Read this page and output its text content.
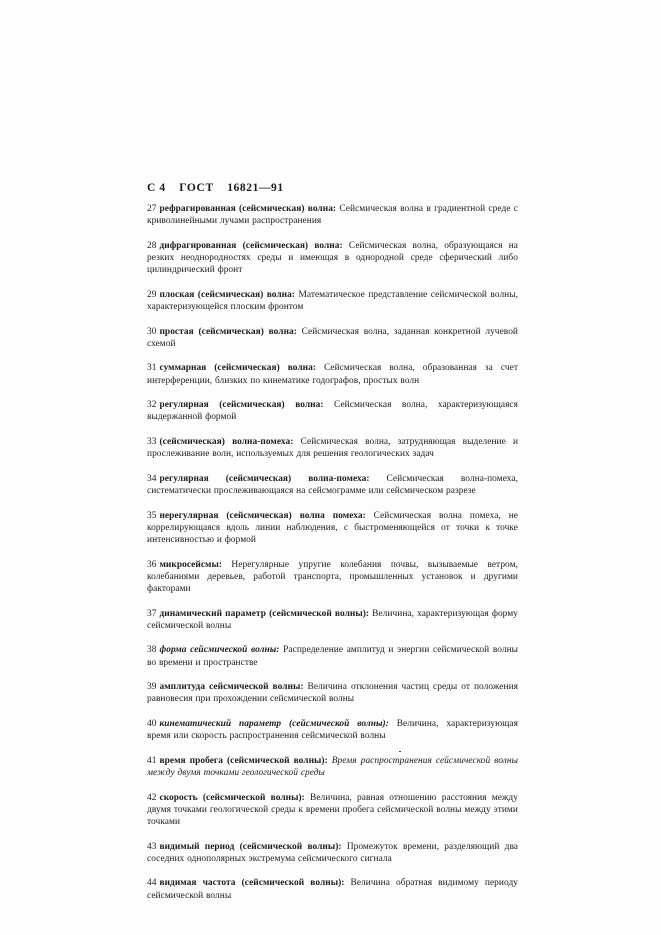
С 4 ГОСТ 16821—91

27 рефрагированная (сейсмическая) волна: Сейсмическая волна в градиентной среде с криволинейными лучами распространения

28 дифрагированная (сейсмическая) волна: Сейсмическая волна, образующаяся на резких неоднородностях среды и имеющая в однородной среде сферический либо цилиндрический фронт

29 плоская (сейсмическая) волна: Математическое представление сейсмической волны, характеризующейся плоским фронтом

30 простая (сейсмическая) волна: Сейсмическая волна, заданная конкретной лучевой схемой

31 суммарная (сейсмическая) волна: Сейсмическая волна, образованная за счет интерференции, близких по кинематике годографов, простых волн

32 регулярная (сейсмическая) волна: Сейсмическая волна, характеризующаяся выдержанной формой

33 (сейсмическая) волна-помеха: Сейсмическая волна, затрудняющая выделение и прослеживание волн, используемых для решения геологических задач

34 регулярная (сейсмическая) волна-помеха: Сейсмическая волна-помеха, систематически прослеживающаяся на сейсмограмме или сейсмическом разрезе

35 нерегулярная (сейсмическая) волна помеха: Сейсмическая волна помеха, не коррелирующаяся вдоль линии наблюдения, с быстроменяющейся от точки к точке интенсивностью и формой

36 микросейсмы: Нерегулярные упругие колебания почвы, вызываемые ветром, колебаниями деревьев, работой транспорта, промышленных установок и другими факторами

37 динамический параметр (сейсмической волны): Величина, характеризующая форму сейсмической волны

38 форма сейсмической волны: Распределение амплитуд и энергии сейсмической волны во времени и пространстве

39 амплитуда сейсмической волны: Величина отклонения частиц среды от положения равновесия при прохождении сейсмической волны

40 кинематический параметр (сейсмической волны): Величина, характеризующая время или скорость распространения сейсмической волны

41 время пробега (сейсмической волны): Время распространения сейсмической волны между двумя точками геологической среды

42 скорость (сейсмической волны): Величина, равная отношению расстояния между двумя точками геологической среды к времени пробега сейсмической волны между этими точками

43 видимый период (сейсмической волны): Промежуток времени, разделяющий два соседних однополярных экстремума сейсмического сигнала

44 видимая частота (сейсмической волны): Величина обратная видимому периоду сейсмической волны
